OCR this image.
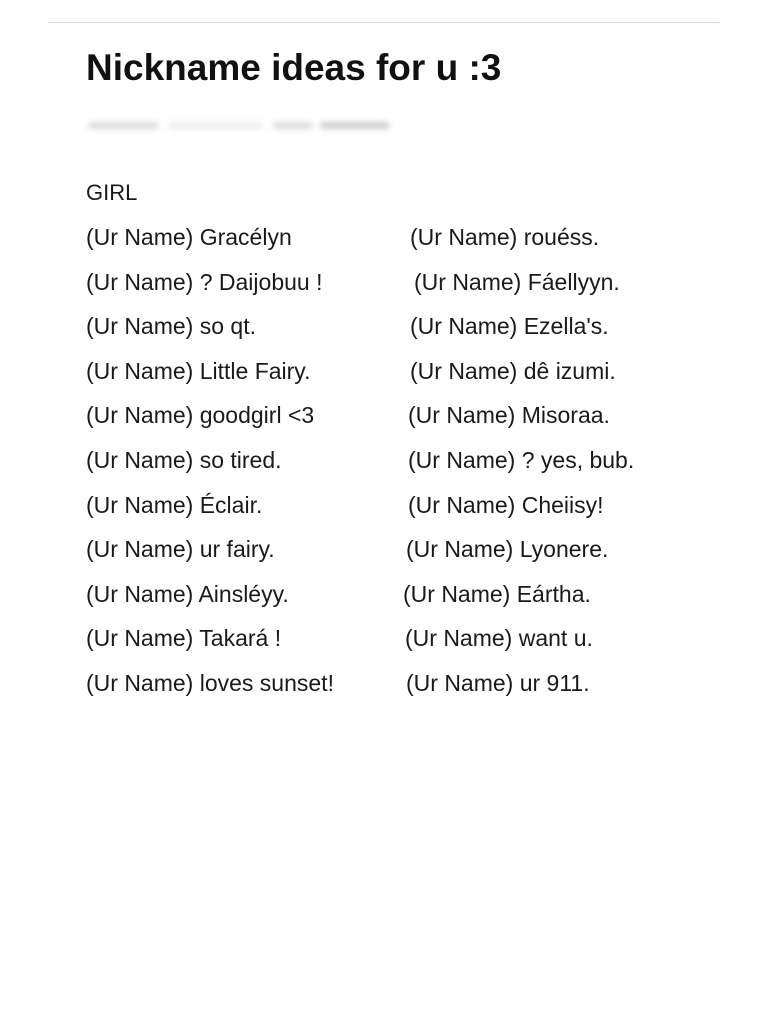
Nickname ideas for u :3
GIRL
(Ur Name) Gracélyn	(Ur Name) rouéss.
(Ur Name) ? Daijobuu !	(Ur Name) Fáellyyn.
(Ur Name) so qt.	(Ur Name) Ezella's.
(Ur Name) Little Fairy.	(Ur Name) dê izumi.
(Ur Name) goodgirl <3	(Ur Name) Misoraa.
(Ur Name) so tired.	(Ur Name) ? yes, bub.
(Ur Name) Éclair.	(Ur Name) Cheiisy!
(Ur Name) ur fairy.	(Ur Name) Lyonere.
(Ur Name) Ainsléyy.	(Ur Name) Eártha.
(Ur Name) Takará !	(Ur Name) want u.
(Ur Name) loves sunset!	(Ur Name) ur 911.
